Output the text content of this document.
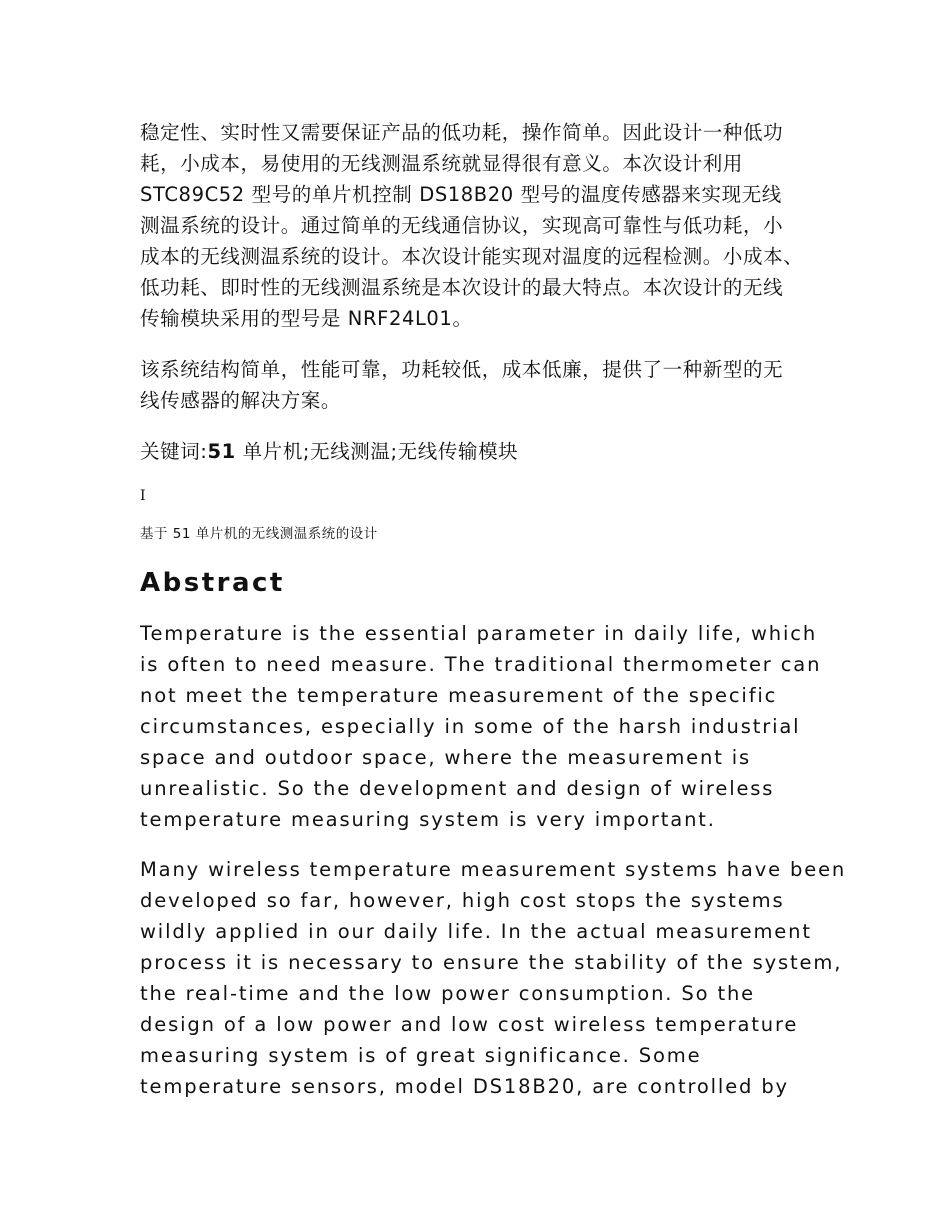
稳定性、实时性又需要保证产品的低功耗，操作简单。因此设计一种低功
耗，小成本，易使用的无线测温系统就显得很有意义。本次设计利用
STC89C52 型号的单片机控制 DS18B20 型号的温度传感器来实现无线
测温系统的设计。通过简单的无线通信协议，实现高可靠性与低功耗，小
成本的无线测温系统的设计。本次设计能实现对温度的远程检测。小成本、
低功耗、即时性的无线测温系统是本次设计的最大特点。本次设计的无线
传输模块采用的型号是 NRF24L01。

该系统结构简单，性能可靠，功耗较低，成本低廉，提供了一种新型的无
线传感器的解决方案。

关键词:51 单片机;无线测温;无线传输模块

I
基于 51 单片机的无线测温系统的设计
Abstract

Temperature is the essential parameter in daily life, which
is often to need measure. The traditional thermometer can
not meet the temperature measurement of the specific
circumstances, especially in some of the harsh industrial
space and outdoor space, where the measurement is
unrealistic. So the development and design of wireless
temperature measuring system is very important.

Many wireless temperature measurement systems have been
developed so far, however, high cost stops the systems
wildly applied in our daily life. In the actual measurement
process it is necessary to ensure the stability of the system,
the real-time and the low power consumption. So the
design of a low power and low cost wireless temperature
measuring system is of great significance. Some
temperature sensors, model DS18B20, are controlled by
